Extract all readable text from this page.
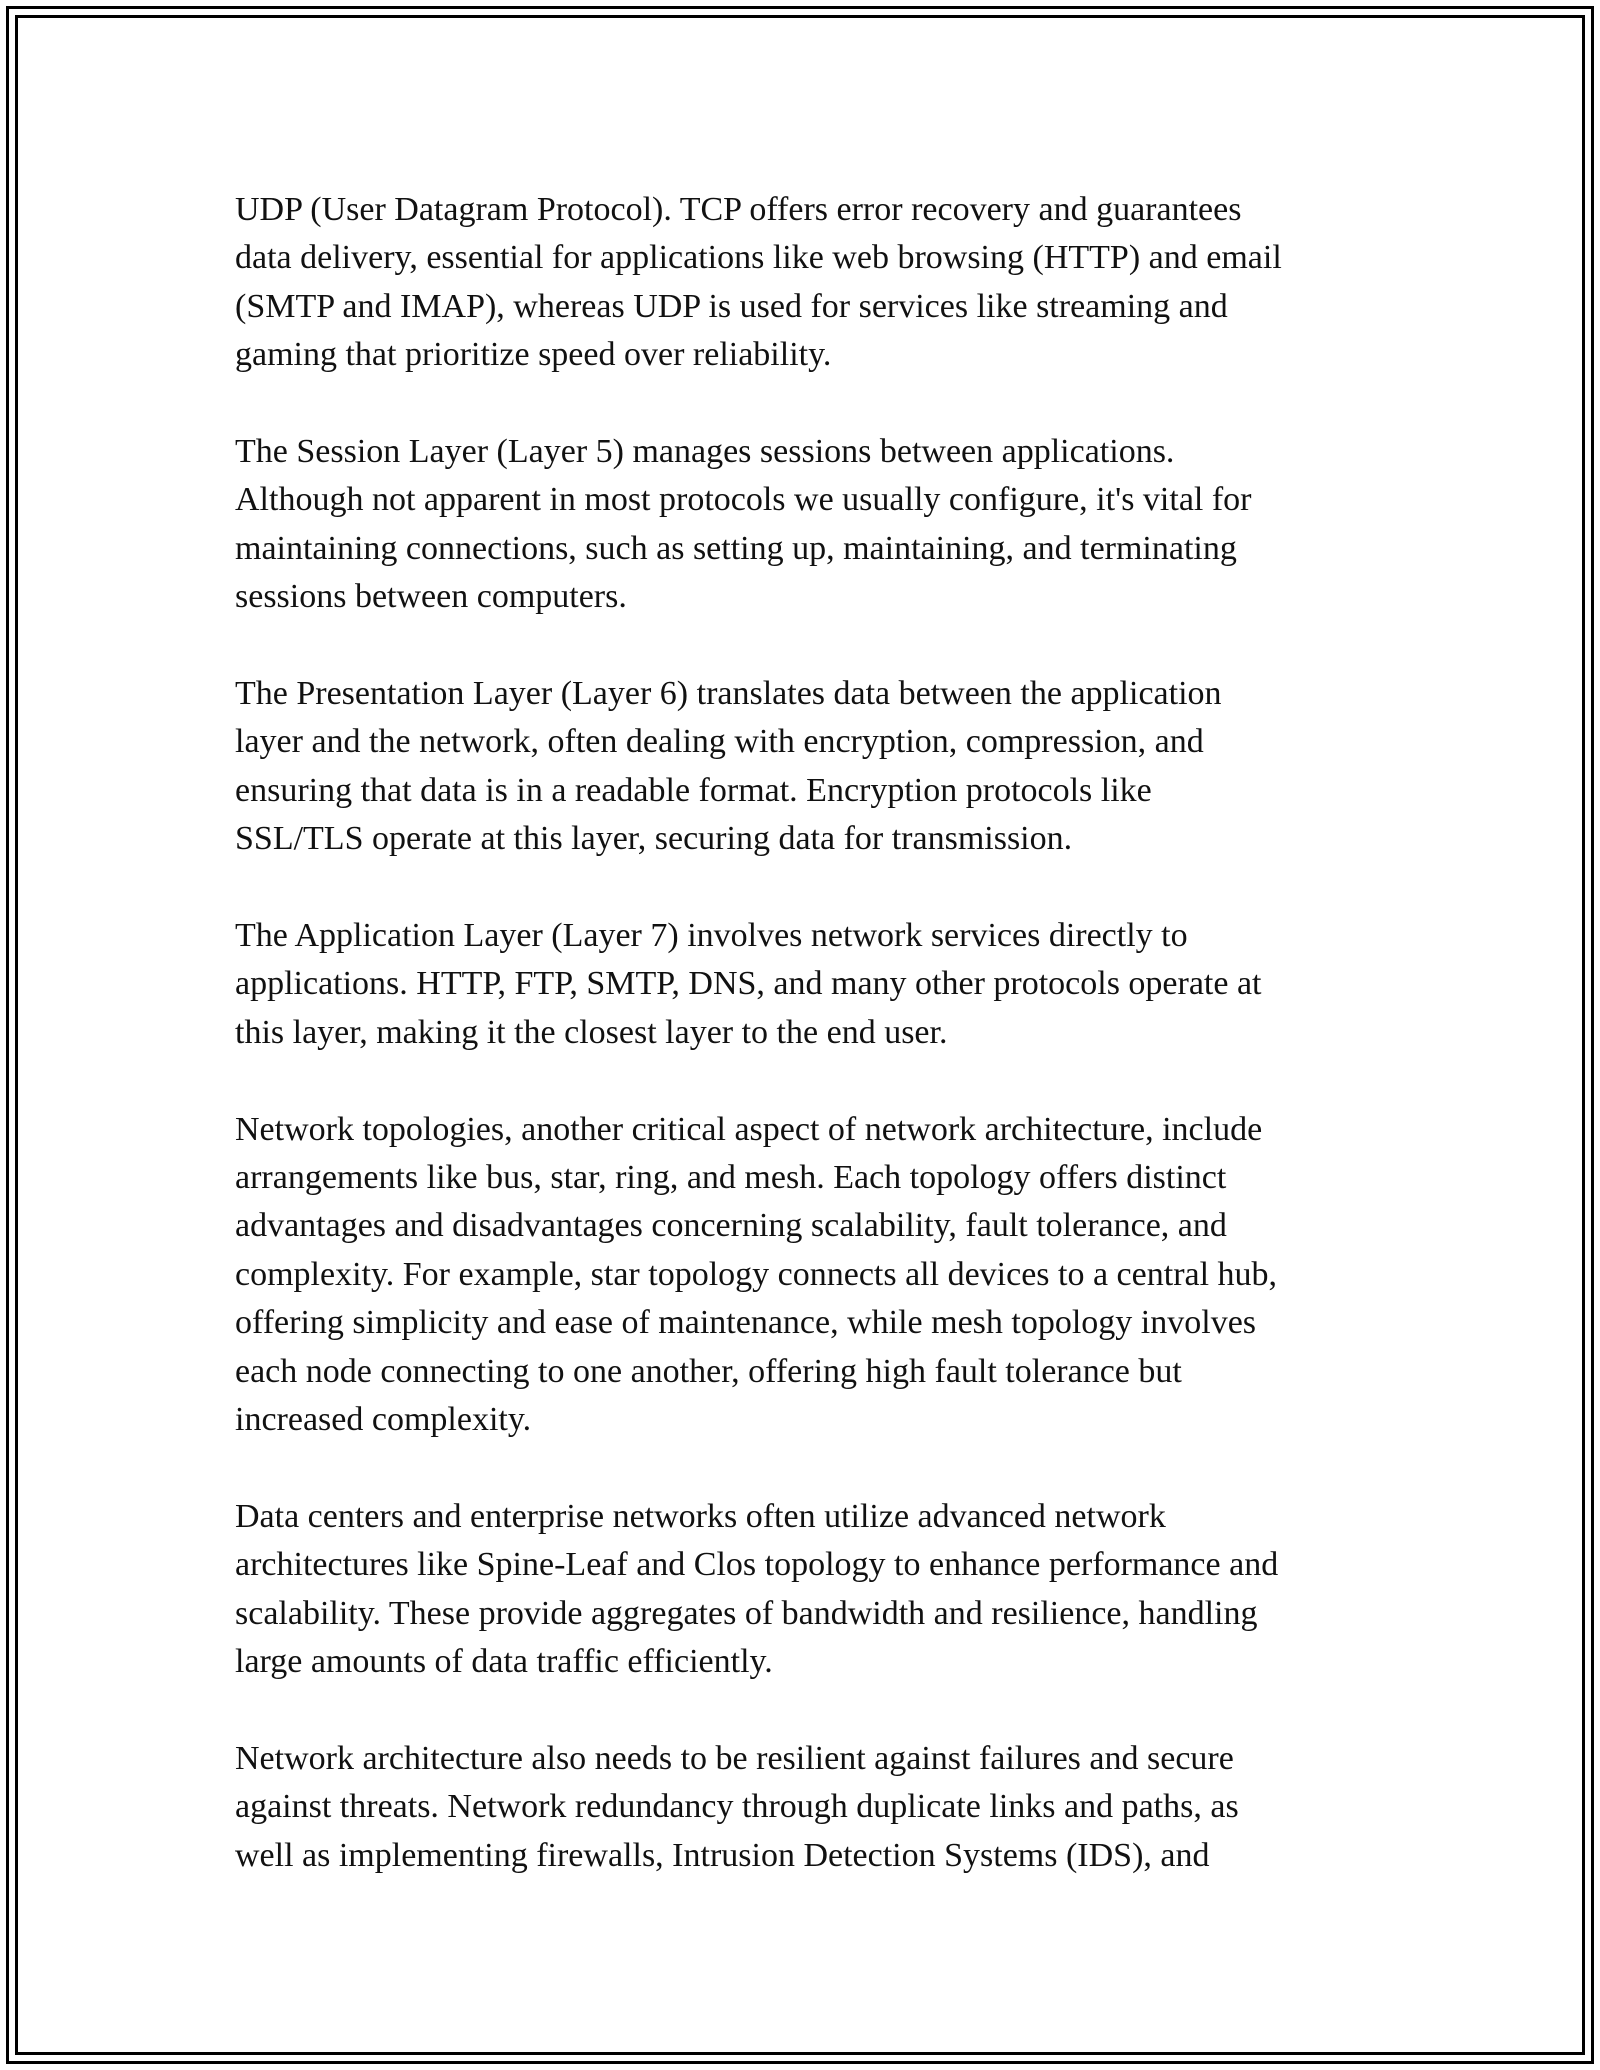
UDP (User Datagram Protocol). TCP offers error recovery and guarantees
data delivery, essential for applications like web browsing (HTTP) and email
(SMTP and IMAP), whereas UDP is used for services like streaming and
gaming that prioritize speed over reliability.

The Session Layer (Layer 5) manages sessions between applications.
Although not apparent in most protocols we usually configure, it's vital for
maintaining connections, such as setting up, maintaining, and terminating
sessions between computers.

The Presentation Layer (Layer 6) translates data between the application
layer and the network, often dealing with encryption, compression, and
ensuring that data is in a readable format. Encryption protocols like
SSL/TLS operate at this layer, securing data for transmission.

The Application Layer (Layer 7) involves network services directly to
applications. HTTP, FTP, SMTP, DNS, and many other protocols operate at
this layer, making it the closest layer to the end user.

Network topologies, another critical aspect of network architecture, include
arrangements like bus, star, ring, and mesh. Each topology offers distinct
advantages and disadvantages concerning scalability, fault tolerance, and
complexity. For example, star topology connects all devices to a central hub,
offering simplicity and ease of maintenance, while mesh topology involves
each node connecting to one another, offering high fault tolerance but
increased complexity.

Data centers and enterprise networks often utilize advanced network
architectures like Spine-Leaf and Clos topology to enhance performance and
scalability. These provide aggregates of bandwidth and resilience, handling
large amounts of data traffic efficiently.

Network architecture also needs to be resilient against failures and secure
against threats. Network redundancy through duplicate links and paths, as
well as implementing firewalls, Intrusion Detection Systems (IDS), and
